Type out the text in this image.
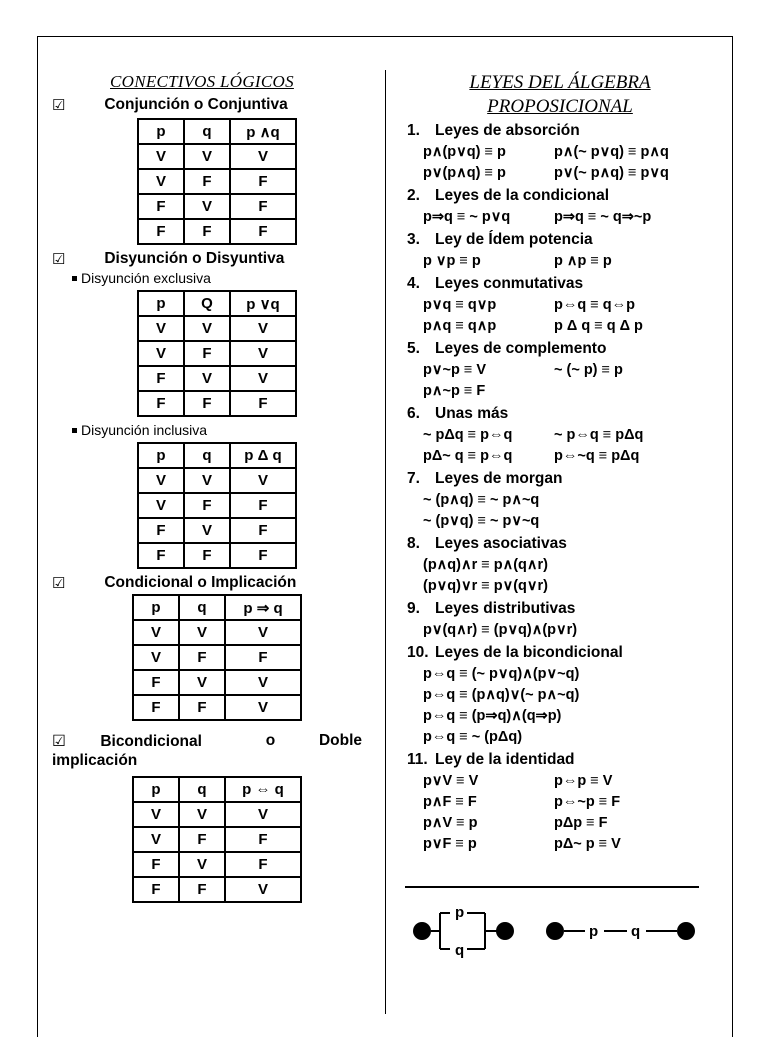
CONECTIVOS LÓGICOS
☑	Conjunción o Conjuntiva
p	q	p ∧q
V	V	V
V	F	F
F	V	F
F	F	F
☑	Disyunción o Disyuntiva
Disyunción exclusiva
p	Q	p ∨q
V	V	V
V	F	V
F	V	V
F	F	F
Disyunción inclusiva
p	q	p Δ q
V	V	V
V	F	F
F	V	F
F	F	F
☑	Condicional o Implicación
p	q	p ⇒ q
V	V	V
V	F	F
F	V	V
F	F	V
☑ Bicondicional	o	Doble
implicación
p	q	p ⇔ q
V	V	V
V	F	F
F	V	F
F	F	V
LEYES DEL ÁLGEBRA
PROPOSICIONAL
1. Leyes de absorción
p∧(p∨q) ≡ p	p∧(~ p∨q) ≡ p∧q
p∨(p∧q) ≡ p	p∨(~ p∧q) ≡ p∨q
2. Leyes de la condicional
p⇒q ≡ ~ p∨q	p⇒q ≡ ~ q⇒~p
3. Ley de Ídem potencia
p ∨p ≡ p	p ∧p ≡ p
4. Leyes conmutativas
p∨q ≡ q∨p	p⇔q ≡ q⇔p
p∧q ≡ q∧p	p Δ q ≡ q Δ p
5. Leyes de complemento
p∨~p ≡ V	~ (~ p) ≡ p
p∧~p ≡ F
6. Unas más
~ pΔq ≡ p⇔q	~ p⇔q ≡ pΔq
pΔ~ q ≡ p⇔q	p⇔~q ≡ pΔq
7. Leyes de morgan
~ (p∧q) ≡ ~ p∧~q
~ (p∨q) ≡ ~ p∨~q
8. Leyes asociativas
(p∧q)∧r ≡ p∧(q∧r)
(p∨q)∨r ≡ p∨(q∨r)
9. Leyes distributivas
p∨(q∧r) ≡ (p∨q)∧(p∨r)
10. Leyes de la bicondicional
p⇔q ≡ (~ p∨q)∧(p∨~q)
p⇔q ≡ (p∧q)∨(~ p∧~q)
p⇔q ≡ (p⇒q)∧(q⇒p)
p⇔q ≡ ~ (pΔq)
11. Ley de la identidad
p∨V ≡ V	p⇔p ≡ V
p∧F ≡ F	p⇔~p ≡ F
p∧V ≡ p	pΔp ≡ F
p∨F ≡ p	pΔ~ p ≡ V
p
q
p q
